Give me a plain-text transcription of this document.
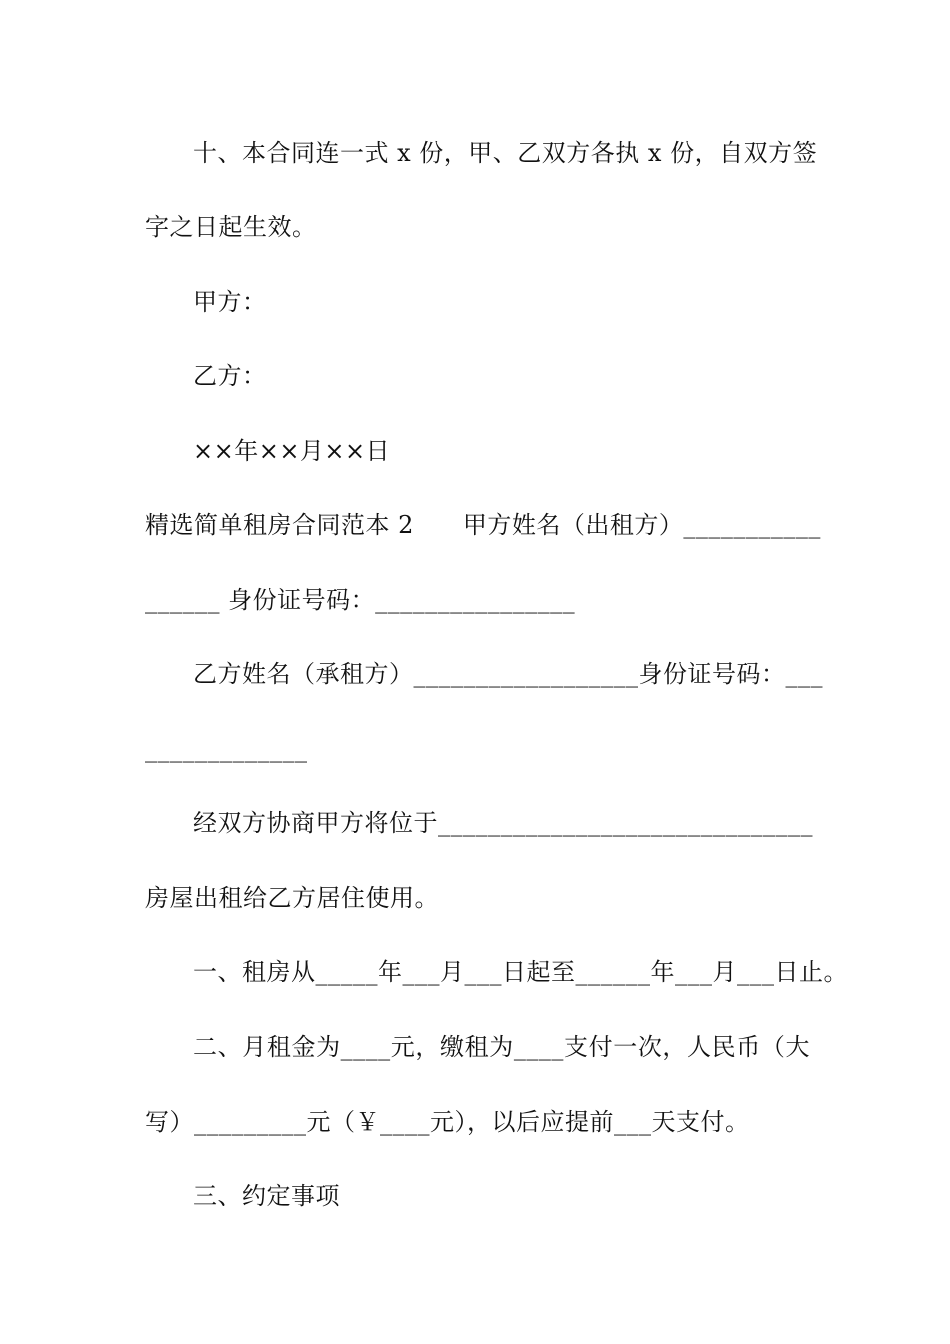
十、本合同连一式 x 份，甲、乙双方各执 x 份，自双方签
字之日起生效。
甲方：
乙方：
××年××月××日
精选简单租房合同范本 2　　甲方姓名（出租方）___________
______ 身份证号码：________________
乙方姓名（承租方）__________________身份证号码：___
_____________
经双方协商甲方将位于______________________________
房屋出租给乙方居住使用。
一、租房从_____年___月___日起至______年___月___日止。
二、月租金为____元，缴租为____支付一次，人民币（大
写）_________元（￥____元），以后应提前___天支付。
三、约定事项
